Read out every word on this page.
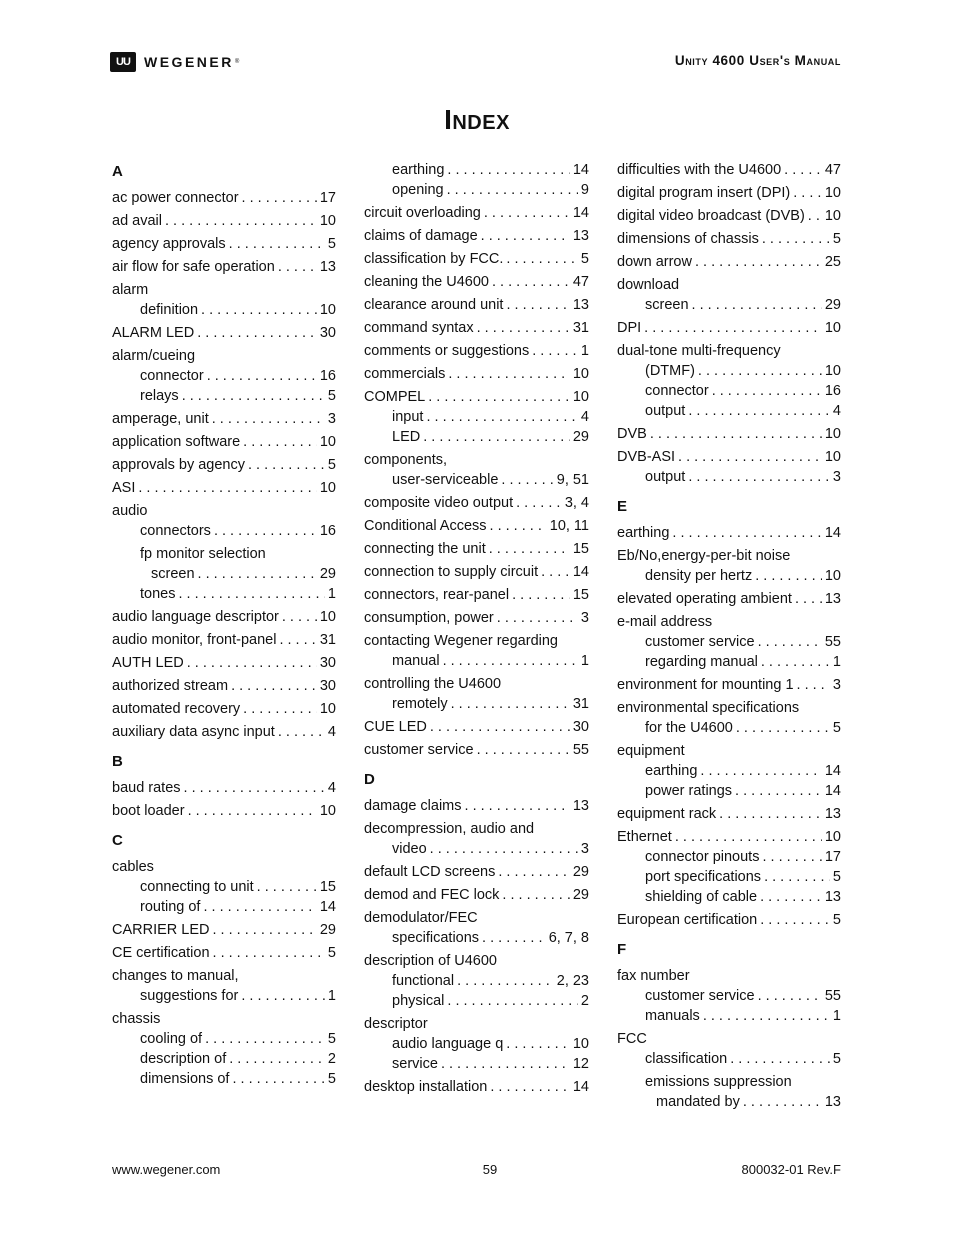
UU WEGENER ®	Unity 4600 User's Manual
Index
A
ac power connector . . .	17
ad avail . . .	10
agency approvals . . .	5
air flow for safe operation . . .	13
alarm
definition . . .	10
ALARM LED . . .	30
alarm/cueing
connector . . .	16
relays . . .	5
amperage, unit . . .	3
application software . . .	10
approvals by agency . . .	5
ASI . . .	10
audio
connectors . . .	16
fp monitor selection
screen . . .	29
tones . . .	1
audio language descriptor . . .	10
audio monitor, front-panel . . .	31
AUTH LED . . .	30
authorized stream . . .	30
automated recovery . . .	10
auxiliary data async input . . .	4
B
baud rates . . .	4
boot loader . . .	10
C
cables
connecting to unit . . .	15
routing of . . .	14
CARRIER LED . . .	29
CE certification . . .	5
changes to manual,
suggestions for . . .	1
chassis
cooling of . . .	5
description of . . .	2
dimensions of . . .	5
earthing . . .	14
opening . . .	9
circuit overloading . . .	14
claims of damage . . .	13
classification by FCC. . . .	5
cleaning the U4600 . . .	47
clearance around unit . . .	13
command syntax . . .	31
comments or suggestions . . .	1
commercials . . .	10
COMPEL . . .	10
input . . .	4
LED . . .	29
components,
user-serviceable . . .	9, 51
composite video output . . .	3, 4
Conditional Access . . .	10, 11
connecting the unit . . .	15
connection to supply circuit . . . 14
connectors, rear-panel . . .	15
consumption, power . . .	3
contacting Wegener regarding
manual . . .	1
controlling the U4600
remotely . . .	31
CUE LED . . .	30
customer service . . .	55
D
damage claims . . .	13
decompression, audio and
video . . .	3
default LCD screens . . .	29
demod and FEC lock . . .	29
demodulator/FEC
specifications . . .	6, 7, 8
description of U4600
functional . . .	2, 23
physical . . .	2
descriptor
audio language q . . .	10
service . . .	12
desktop installation . . .	14
difficulties with the U4600 . . .	47
digital program insert (DPI) . . . 10
digital video broadcast (DVB) . . . 10
dimensions of chassis . . .	5
down arrow . . .	25
download
screen . . .	29
DPI . . .	10
dual-tone multi-frequency
(DTMF) . . .	10
connector . . .	16
output . . .	4
DVB . . .	10
DVB-ASI . . .	10
output . . .	3
E
earthing . . .	14
Eb/No,energy-per-bit noise
density per hertz . . .	10
elevated operating ambient . . . 13
e-mail address
customer service . . .	55
regarding manual . . .	1
environment for mounting 1 . . .	3
environmental specifications
for the U4600 . . .	5
equipment
earthing . . .	14
power ratings . . .	14
equipment rack . . .	13
Ethernet . . .	10
connector pinouts . . .	17
port specifications . . .	5
shielding of cable . . .	13
European certification . . .	5
F
fax number
customer service . . .	55
manuals . . .	1
FCC
classification . . .	5
emissions suppression
mandated by . . .	13
www.wegener.com	59	800032-01 Rev.F
